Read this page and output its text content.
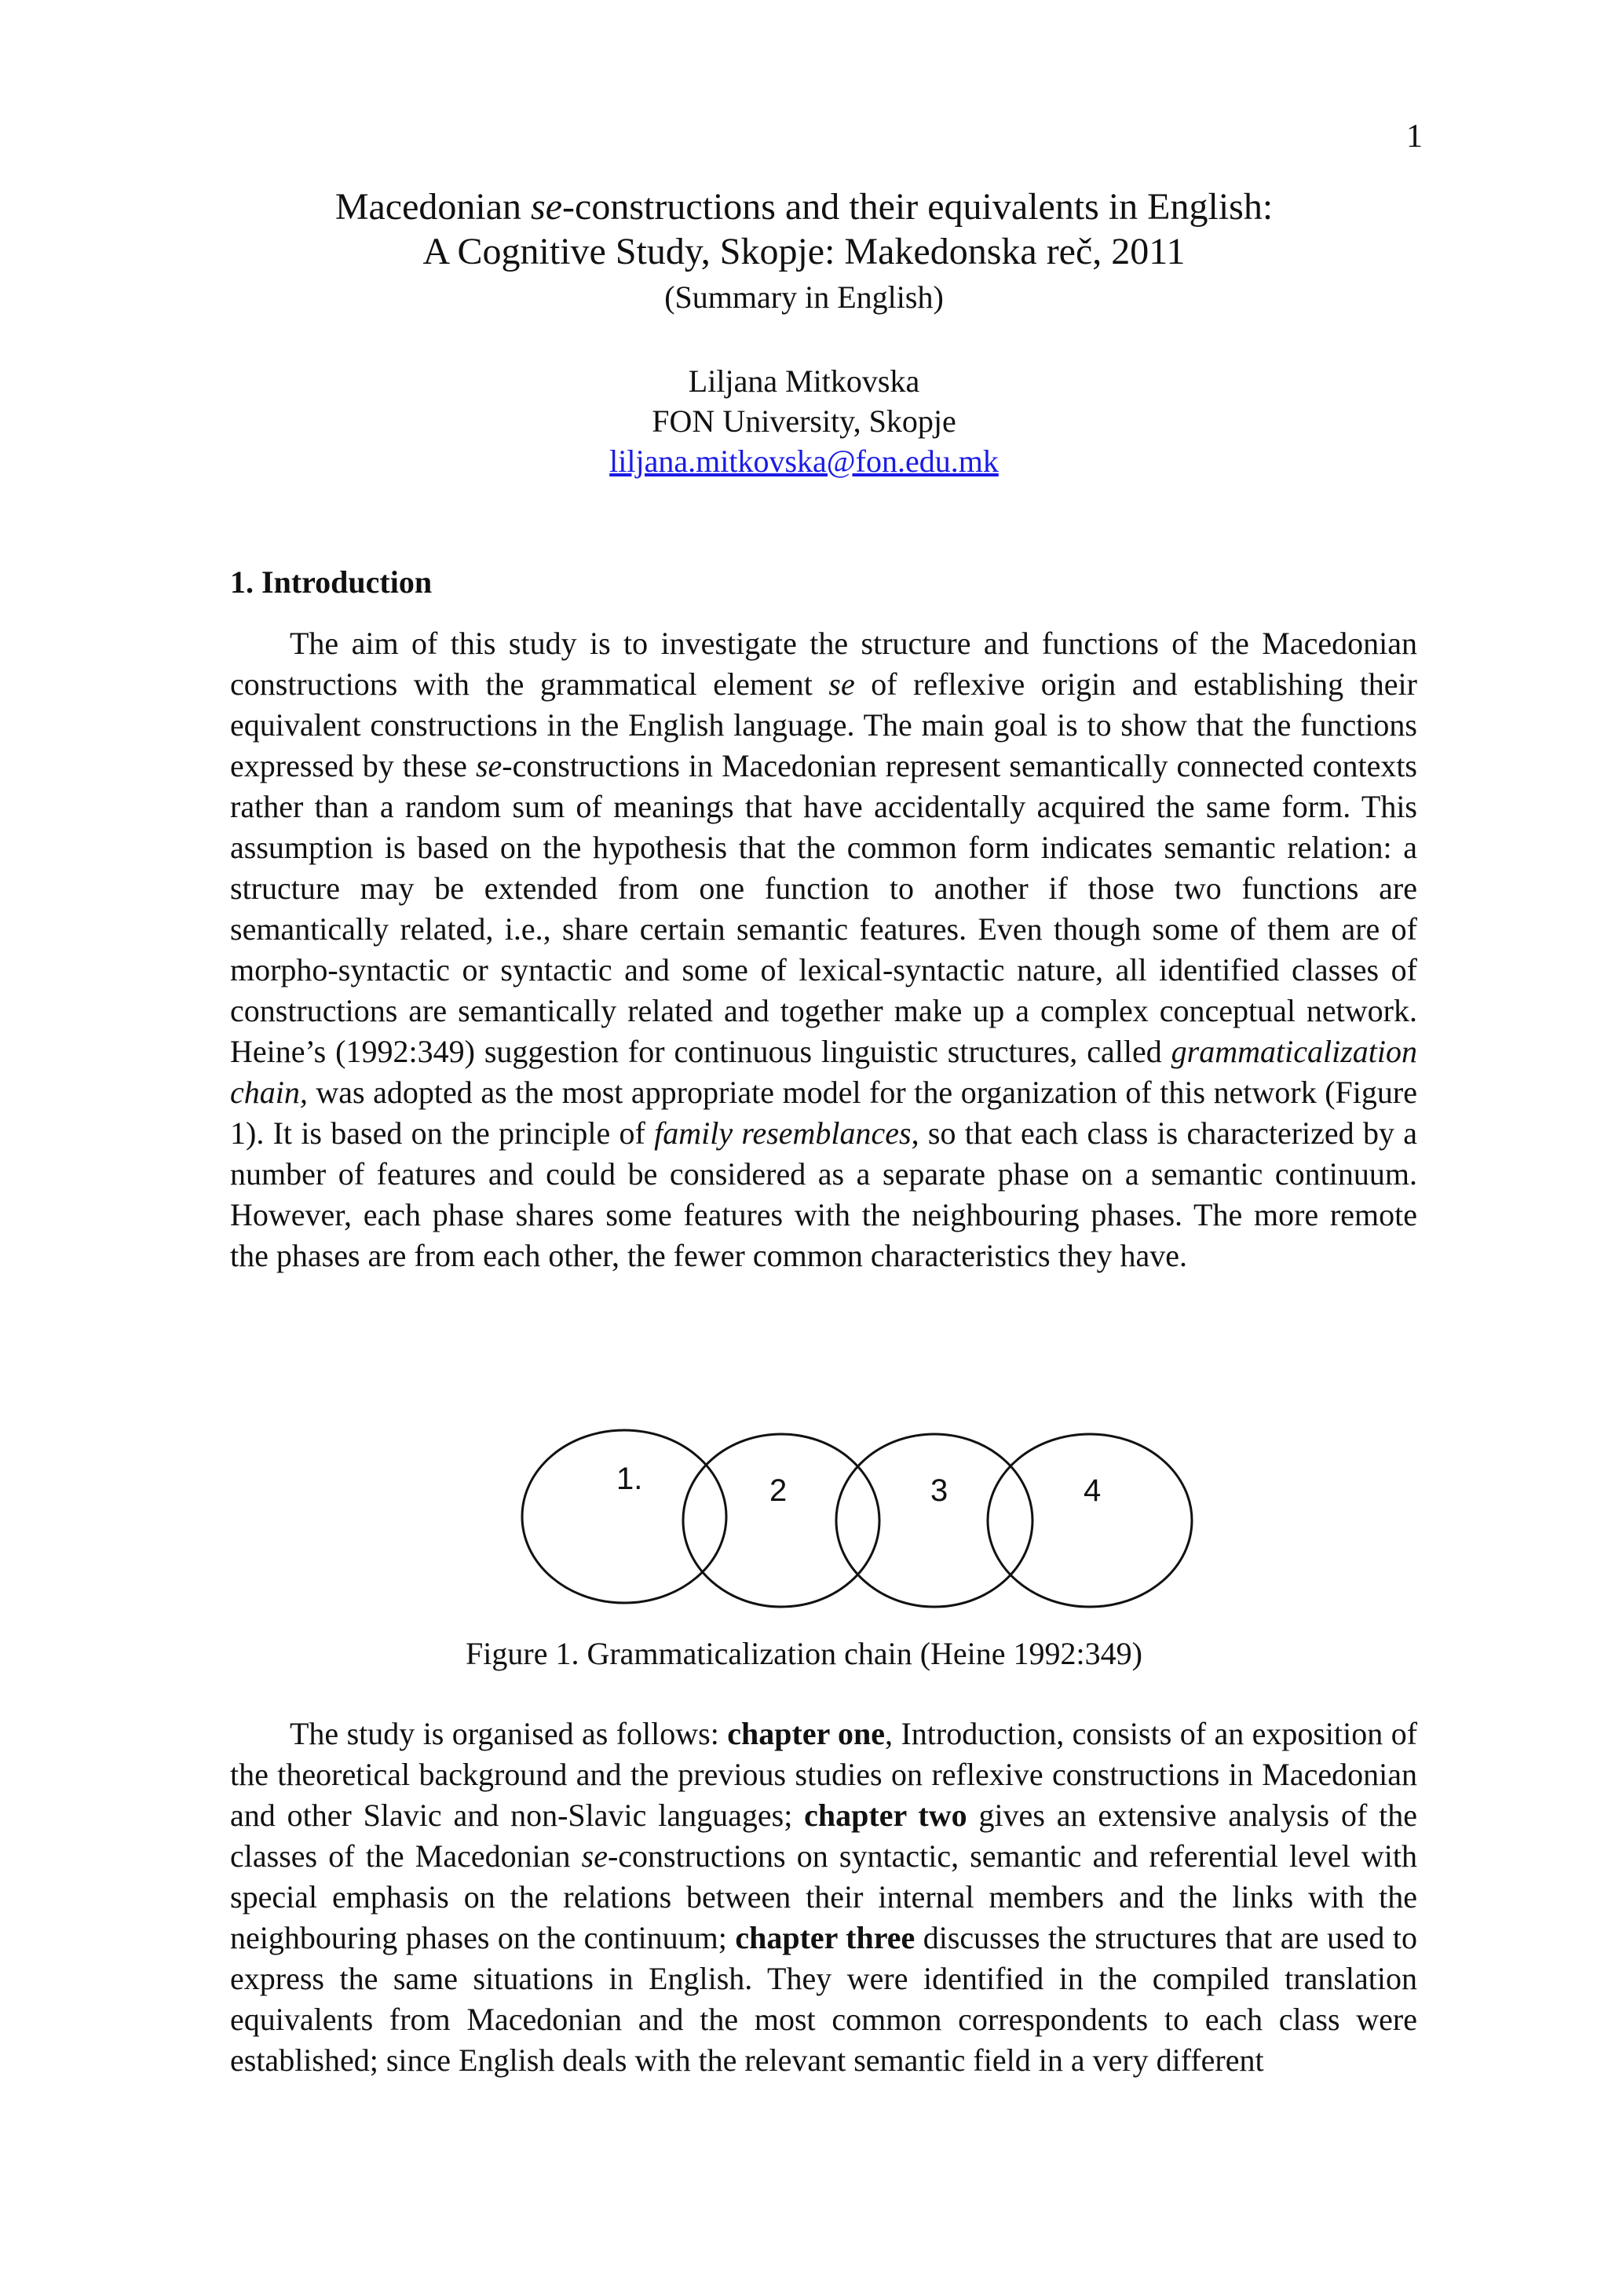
1
Macedonian se-constructions and their equivalents in English:
A Cognitive Study, Skopje: Makedonska reč, 2011
(Summary in English)
Liljana Mitkovska
FON University, Skopje
liljana.mitkovska@fon.edu.mk
1. Introduction
The aim of this study is to investigate the structure and functions of the Macedonian constructions with the grammatical element se of reflexive origin and establishing their equivalent constructions in the English language. The main goal is to show that the functions expressed by these se-constructions in Macedonian represent semantically connected contexts rather than a random sum of meanings that have accidentally acquired the same form. This assumption is based on the hypothesis that the common form indicates semantic relation: a structure may be extended from one function to another if those two functions are semantically related, i.e., share certain semantic features. Even though some of them are of morpho-syntactic or syntactic and some of lexical-syntactic nature, all identified classes of constructions are semantically related and together make up a complex conceptual network. Heine’s (1992:349) suggestion for continuous linguistic structures, called grammaticalization chain, was adopted as the most appropriate model for the organization of this network (Figure 1). It is based on the principle of family resemblances, so that each class is characterized by a number of features and could be considered as a separate phase on a semantic continuum. However, each phase shares some features with the neighbouring phases. The more remote the phases are from each other, the fewer common characteristics they have.
1.	2	3	4
Figure 1. Grammaticalization chain (Heine 1992:349)
The study is organised as follows: chapter one, Introduction, consists of an exposition of the theoretical background and the previous studies on reflexive constructions in Macedonian and other Slavic and non-Slavic languages; chapter two gives an extensive analysis of the classes of the Macedonian se-constructions on syntactic, semantic and referential level with special emphasis on the relations between their internal members and the links with the neighbouring phases on the continuum; chapter three discusses the structures that are used to express the same situations in English. They were identified in the compiled translation equivalents from Macedonian and the most common correspondents to each class were established; since English deals with the relevant semantic field in a very different
